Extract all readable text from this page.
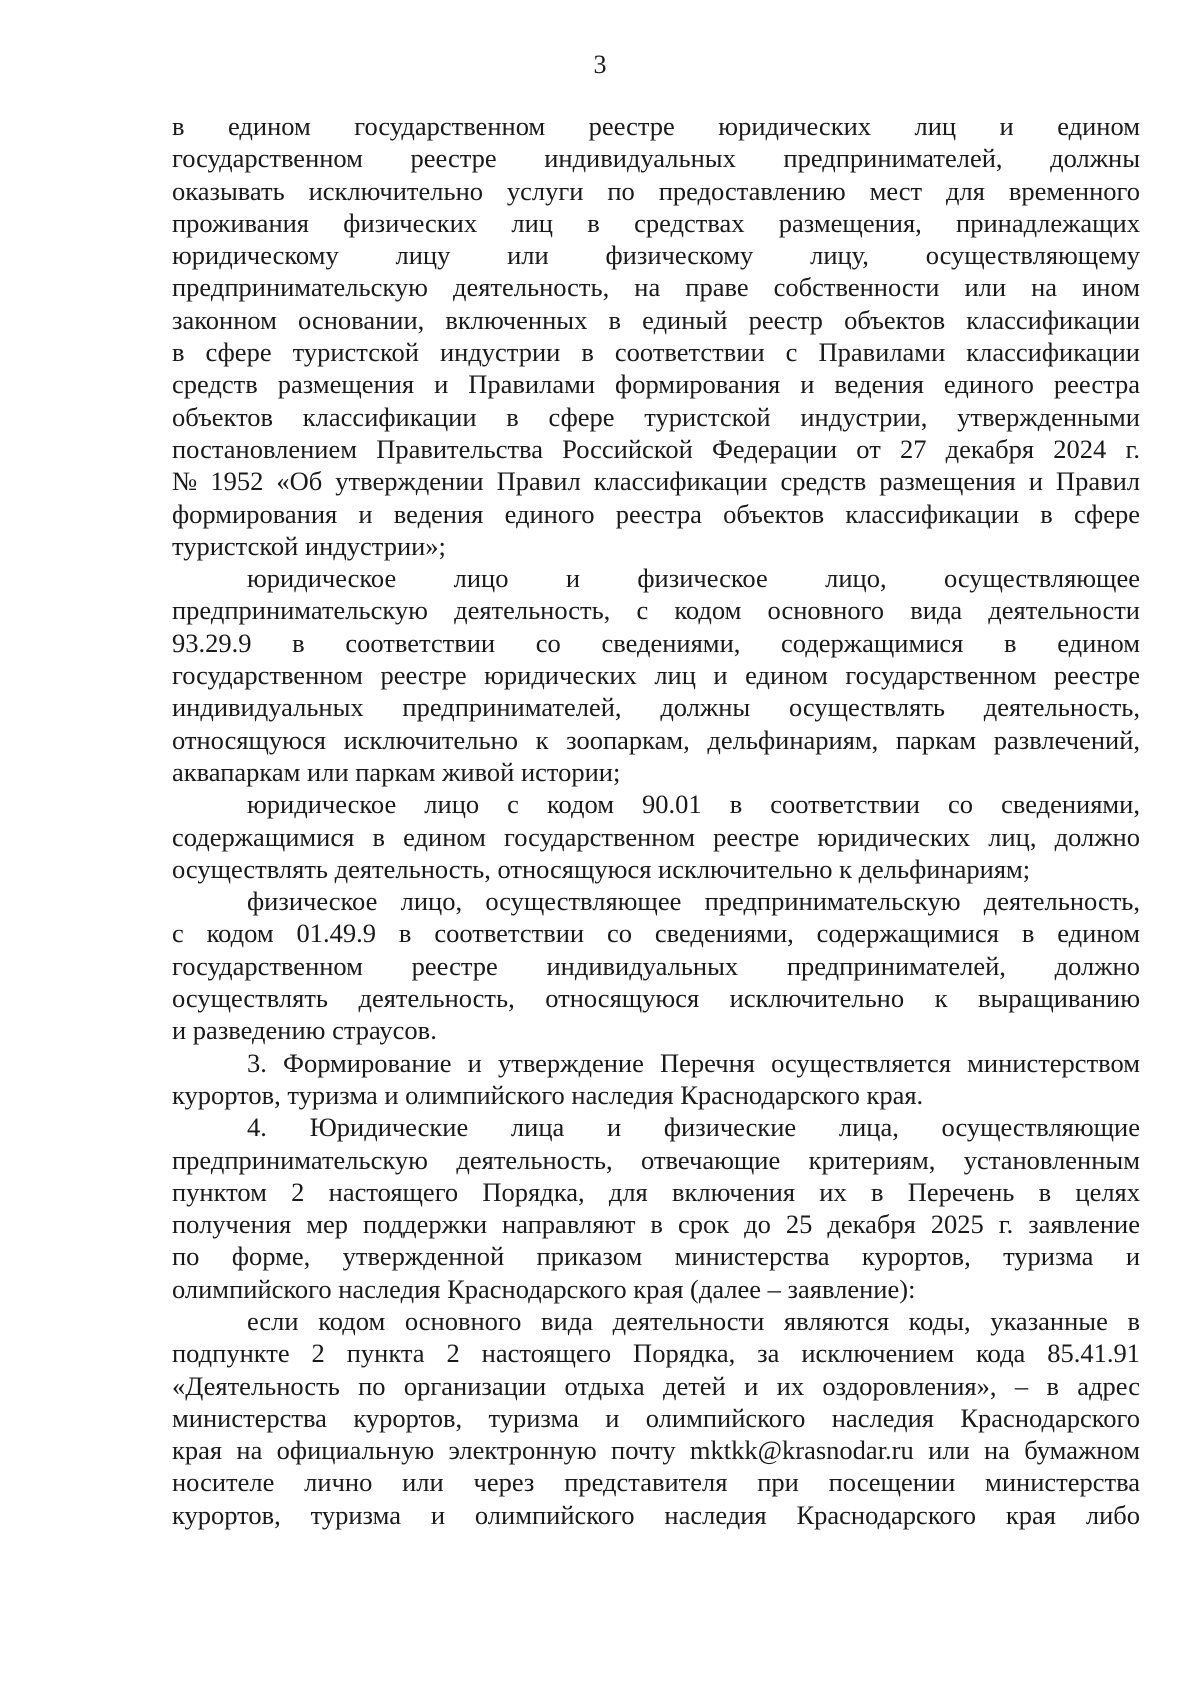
3
в едином государственном реестре юридических лиц и едином
государственном реестре индивидуальных предпринимателей, должны
оказывать исключительно услуги по предоставлению мест для временного
проживания физических лиц в средствах размещения, принадлежащих
юридическому лицу или физическому лицу, осуществляющему
предпринимательскую деятельность, на праве собственности или на ином
законном основании, включенных в единый реестр объектов классификации
в сфере туристской индустрии в соответствии с Правилами классификации
средств размещения и Правилами формирования и ведения единого реестра
объектов классификации в сфере туристской индустрии, утвержденными
постановлением Правительства Российской Федерации от 27 декабря 2024 г.
№ 1952 «Об утверждении Правил классификации средств размещения и Правил
формирования и ведения единого реестра объектов классификации в сфере
туристской индустрии»;
юридическое лицо и физическое лицо, осуществляющее
предпринимательскую деятельность, с кодом основного вида деятельности
93.29.9 в соответствии со сведениями, содержащимися в едином
государственном реестре юридических лиц и едином государственном реестре
индивидуальных предпринимателей, должны осуществлять деятельность,
относящуюся исключительно к зоопаркам, дельфинариям, паркам развлечений,
аквапаркам или паркам живой истории;
юридическое лицо с кодом 90.01 в соответствии со сведениями,
содержащимися в едином государственном реестре юридических лиц, должно
осуществлять деятельность, относящуюся исключительно к дельфинариям;
физическое лицо, осуществляющее предпринимательскую деятельность,
с кодом 01.49.9 в соответствии со сведениями, содержащимися в едином
государственном реестре индивидуальных предпринимателей, должно
осуществлять деятельность, относящуюся исключительно к выращиванию
и разведению страусов.
3. Формирование и утверждение Перечня осуществляется министерством
курортов, туризма и олимпийского наследия Краснодарского края.
4. Юридические лица и физические лица, осуществляющие
предпринимательскую деятельность, отвечающие критериям, установленным
пунктом 2 настоящего Порядка, для включения их в Перечень в целях
получения мер поддержки направляют в срок до 25 декабря 2025 г. заявление
по форме, утвержденной приказом министерства курортов, туризма и
олимпийского наследия Краснодарского края (далее – заявление):
если кодом основного вида деятельности являются коды, указанные в
подпункте 2 пункта 2 настоящего Порядка, за исключением кода 85.41.91
«Деятельность по организации отдыха детей и их оздоровления», – в адрес
министерства курортов, туризма и олимпийского наследия Краснодарского
края на официальную электронную почту mktkk@krasnodar.ru или на бумажном
носителе лично или через представителя при посещении министерства
курортов, туризма и олимпийского наследия Краснодарского края либо
